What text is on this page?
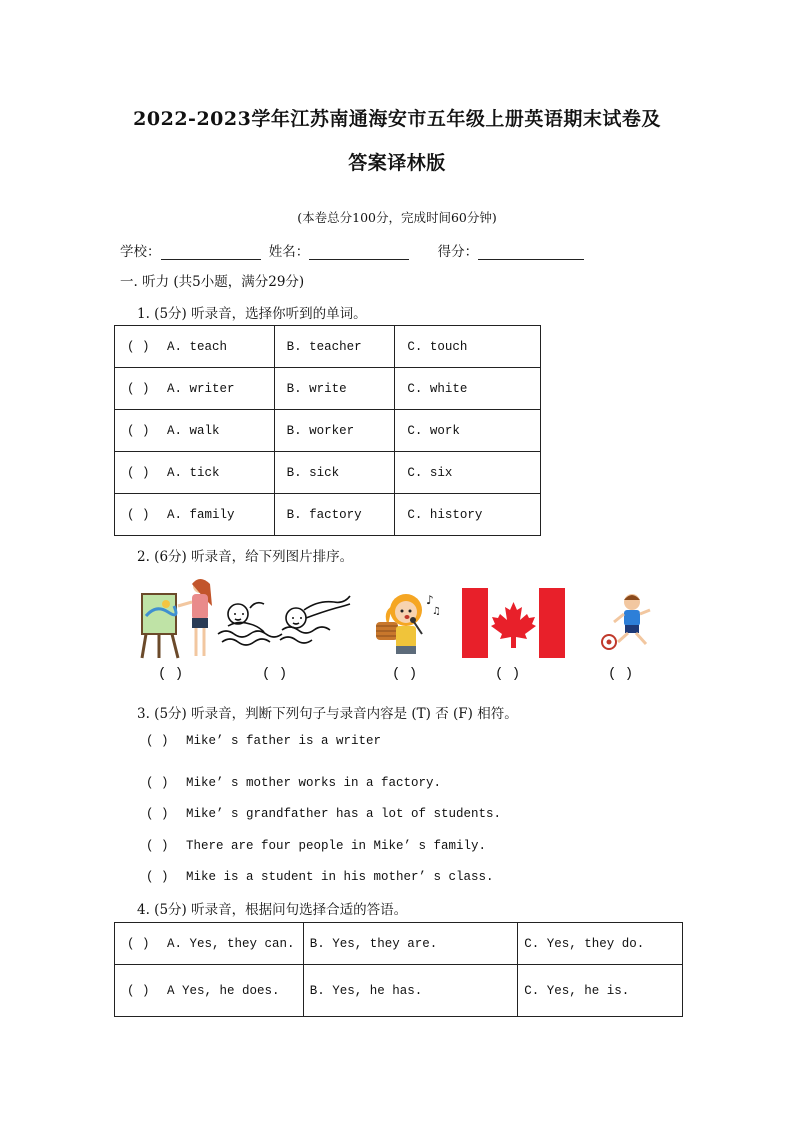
2022-2023学年江苏南通海安市五年级上册英语期末试卷及
答案译林版
(本卷总分100分，完成时间60分钟)
学校：	姓名：	得分：
一. 听力 (共5小题，满分29分)
1. (5分) 听录音，选择你听到的单词。
( ) A. teach	B. teacher	C. touch
( ) A. writer	B. write	C. white
( ) A. walk	B. worker	C. work
( ) A. tick	B. sick	C. six
( ) A. family	B. factory	C. history
2. (6分) 听录音，给下列图片排序。
♪
♫
( )	( )	( )	( )	( )
3. (5分) 听录音，判断下列句子与录音内容是 (T) 否 (F) 相符。
( ) Mike’ s father is a writer
( ) Mike’ s mother works in a factory.
( ) Mike’ s grandfather has a lot of students.
( ) There are four people in Mike’ s family.
( ) Mike is a student in his mother’ s class.
4. (5分) 听录音，根据问句选择合适的答语。
( ) A. Yes, they can.	B. Yes, they are.	C. Yes, they do.
( ) A Yes, he does.	B. Yes, he has.	C. Yes, he is.
